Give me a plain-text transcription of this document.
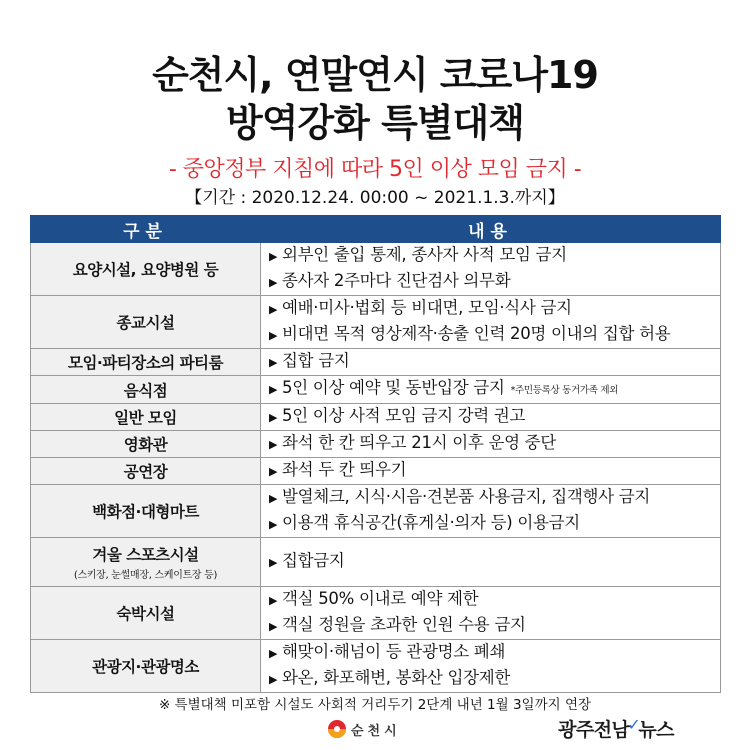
순천시, 연말연시 코로나19
방역강화 특별대책
- 중앙정부 지침에 따라 5인 이상 모임 금지 -
【기간 : 2020.12.24. 00:00 ~ 2021.1.3.까지】
구분	내용
요양시설, 요양병원 등	▶ 외부인 출입 통제, 종사자 사적 모임 금지
▶ 종사자 2주마다 진단검사 의무화

종교시설	▶ 예배·미사·법회 등 비대면, 모임·식사 금지
▶ 비대면 목적 영상제작·송출 인력 20명 이내의 집합 허용

모임·파티장소의 파티룸	▶ 집합 금지

음식점	▶ 5인 이상 예약 및 동반입장 금지 *주민등록상 동거가족 제외

일반 모임	▶ 5인 이상 사적 모임 금지 강력 권고

영화관	▶ 좌석 한 칸 띄우고 21시 이후 운영 중단

공연장	▶ 좌석 두 칸 띄우기

백화점·대형마트	▶ 발열체크, 시식·시음·견본품 사용금지, 집객행사 금지
▶ 이용객 휴식공간(휴게실·의자 등) 이용금지

겨울 스포츠시설
(스키장, 눈썰매장, 스케이트장 등)	▶ 집합금지

숙박시설	▶ 객실 50% 이내로 예약 제한
▶ 객실 정원을 초과한 인원 수용 금지

관광지·관광명소	▶ 해맞이·해넘이 등 관광명소 폐쇄
▶ 와온, 화포해변, 봉화산 입장제한
※ 특별대책 미포함 시설도 사회적 거리두기 2단계 내년 1월 3일까지 연장
순천시	광주전남
✓
뉴스
